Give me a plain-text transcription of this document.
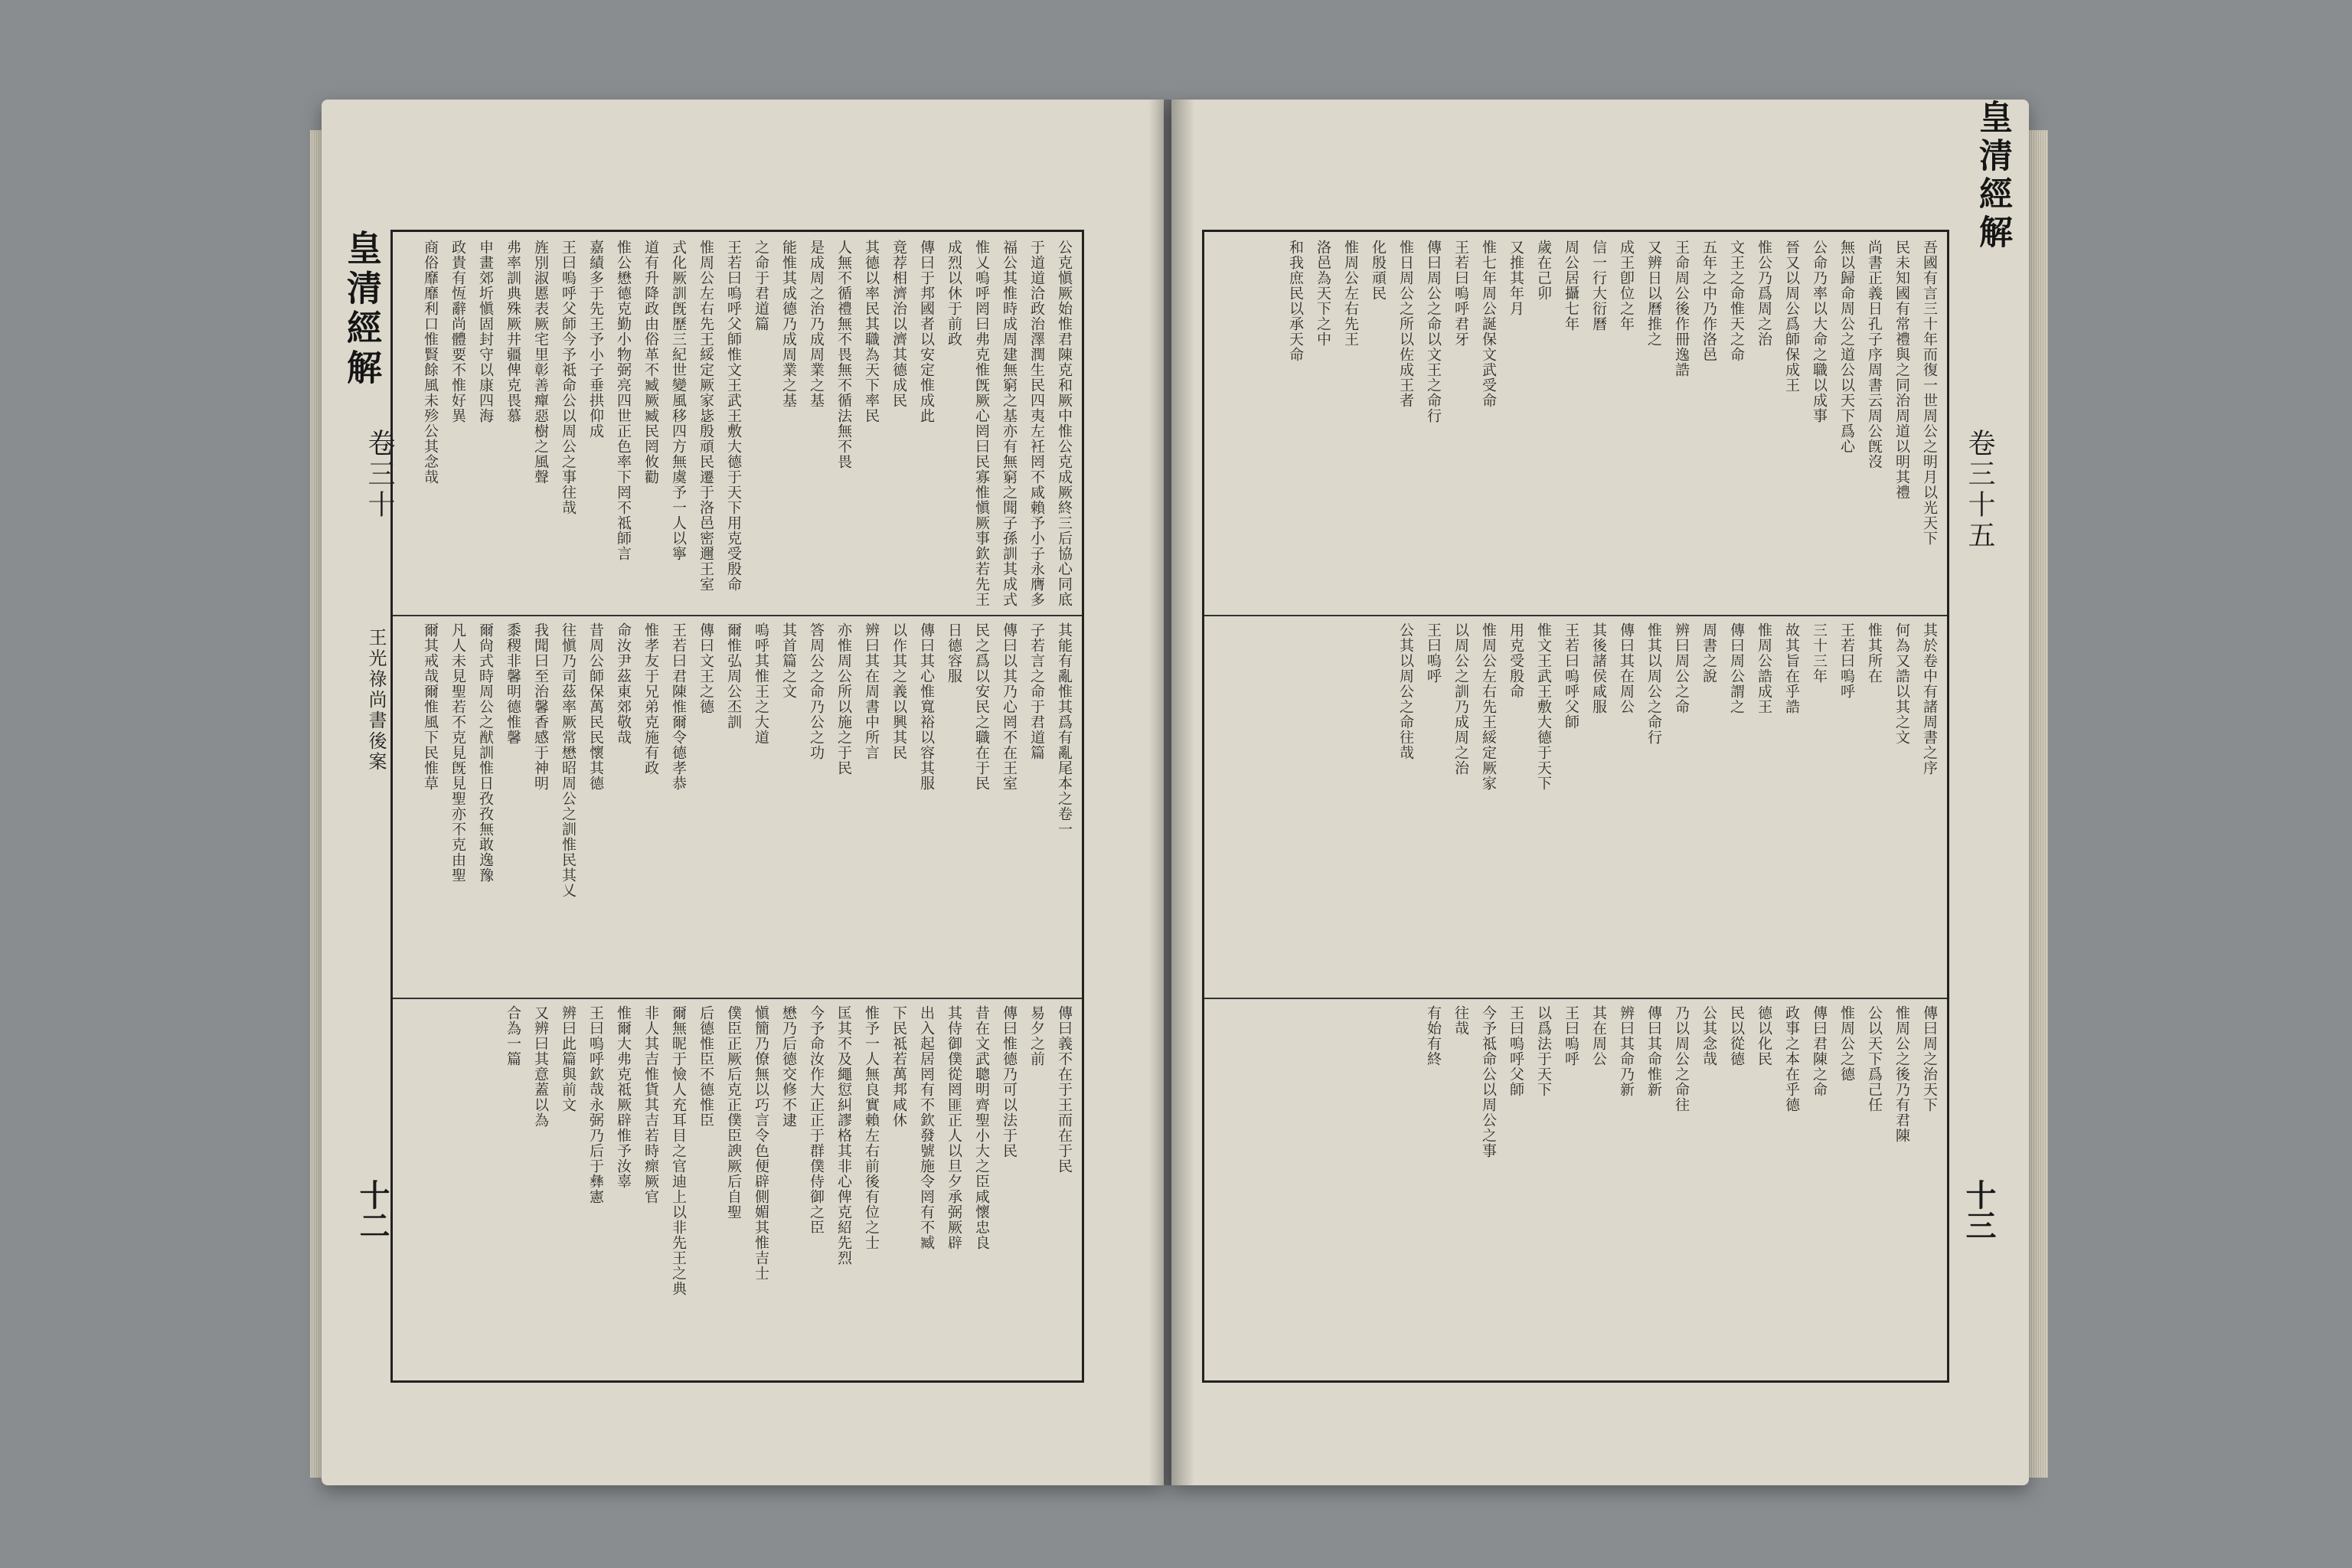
皇清經解
卷三十
王光祿尚書後案
十二
皇清經解
卷三十五
十三
公克愼厥始惟君陳克和厥中惟公克成厥終三后協心同底
于道道洽政治澤潤生民四夷左衽罔不咸賴予小子永膺多
福公其惟時成周建無窮之基亦有無窮之聞子孫訓其成式
惟乂嗚呼罔曰弗克惟旣厥心罔曰民寡惟愼厥事欽若先王
成烈以休于前政
傳曰于邦國者以安定惟成此
竟荐相濟治以濟其德成民
其德以率民其職為天下率民
人無不循禮無不畏無不循法無不畏
是成周之治乃成周業之基
能惟其成德乃成周業之基
之命于君道篇
王若曰嗚呼父師惟文王武王敷大德于天下用克受殷命
惟周公左右先王綏定厥家毖殷頑民遷于洛邑密邇王室
式化厥訓旣歷三紀世變風移四方無虞予一人以寧
道有升降政由俗革不臧厥臧民罔攸勸
惟公懋德克勤小物弼亮四世正色率下罔不祗師言
嘉績多于先王予小子垂拱仰成
王曰嗚呼父師今予祗命公以周公之事往哉
旌別淑慝表厥宅里彰善癉惡樹之風聲
弗率訓典殊厥井疆俾克畏慕
申畫郊圻愼固封守以康四海
政貴有恆辭尚體要不惟好異
商俗靡靡利口惟賢餘風未殄公其念哉
其能有亂惟其爲有亂尾本之卷一
子若言之命于君道篇
傳曰以其乃心罔不在王室
民之爲以安民之職在于民
日德容服
傳曰其心惟寬裕以容其服
以作其之義以興其民
辨曰其在周書中所言
亦惟周公所以施之于民
答周公之命乃公之功
其首篇之文
嗚呼其惟王之大道
爾惟弘周公丕訓
傳曰文王之德
王若曰君陳惟爾令德孝恭
惟孝友于兄弟克施有政
命汝尹茲東郊敬哉
昔周公師保萬民民懷其德
往愼乃司茲率厥常懋昭周公之訓惟民其乂
我聞曰至治馨香感于神明
黍稷非馨明德惟馨
爾尙式時周公之猷訓惟日孜孜無敢逸豫
凡人未見聖若不克見旣見聖亦不克由聖
爾其戒哉爾惟風下民惟草
傳曰義不在于王而在于民
易夕之前
傳曰惟德乃可以法于民
昔在文武聰明齊聖小大之臣咸懷忠良
其侍御僕從罔匪正人以旦夕承弼厥辟
出入起居罔有不欽發號施令罔有不臧
下民祗若萬邦咸休
惟予一人無良實賴左右前後有位之士
匡其不及繩愆糾謬格其非心俾克紹先烈
今予命汝作大正正于群僕侍御之臣
懋乃后德交修不逮
愼簡乃僚無以巧言令色便辟側媚其惟吉士
僕臣正厥后克正僕臣諛厥后自聖
后德惟臣不德惟臣
爾無昵于憸人充耳目之官迪上以非先王之典
非人其吉惟貨其吉若時瘝厥官
惟爾大弗克祗厥辟惟予汝辜
王曰嗚呼欽哉永弼乃后于彝憲
辨曰此篇與前文
又辨曰其意蓋以為
合為一篇
吾國有言三十年而復一世周公之明月以光天下
民未知國有常禮與之同治周道以明其禮
尚書正義日孔子序周書云周公旣沒
無以歸命周公之道公以天下爲心
公命乃率以大命之職以成事
晉又以周公爲師保成王
惟公乃爲周之治
文王之命惟天之命
五年之中乃作洛邑
王命周公後作冊逸誥
又辨日以曆推之
成王卽位之年
信一行大衍曆
周公居攝七年
歲在己卯
又推其年月
惟七年周公誕保文武受命
王若曰嗚呼君牙
傳曰周公之命以文王之命行
惟日周公之所以佐成王者
化殷頑民
惟周公左右先王
洛邑為天下之中
和我庶民以承天命
其於卷中有諸周書之序
何為又誥以其之文
惟其所在
王若曰嗚呼
三十三年
故其旨在乎誥
惟周公誥成王
傳曰周公謂之
周書之說
辨曰周公之命
惟其以周公之命行
傳曰其在周公
其後諸侯咸服
王若曰嗚呼父師
惟文王武王敷大德于天下
用克受殷命
惟周公左右先王綏定厥家
以周公之訓乃成周之治
王曰嗚呼
公其以周公之命往哉
傳曰周之治天下
惟周公之後乃有君陳
公以天下爲己任
惟周公之德
傳曰君陳之命
政事之本在乎德
德以化民
民以從德
公其念哉
乃以周公之命往
傳曰其命惟新
辨曰其命乃新
其在周公
王曰嗚呼
以爲法于天下
王曰嗚呼父師
今予祗命公以周公之事
往哉
有始有終
